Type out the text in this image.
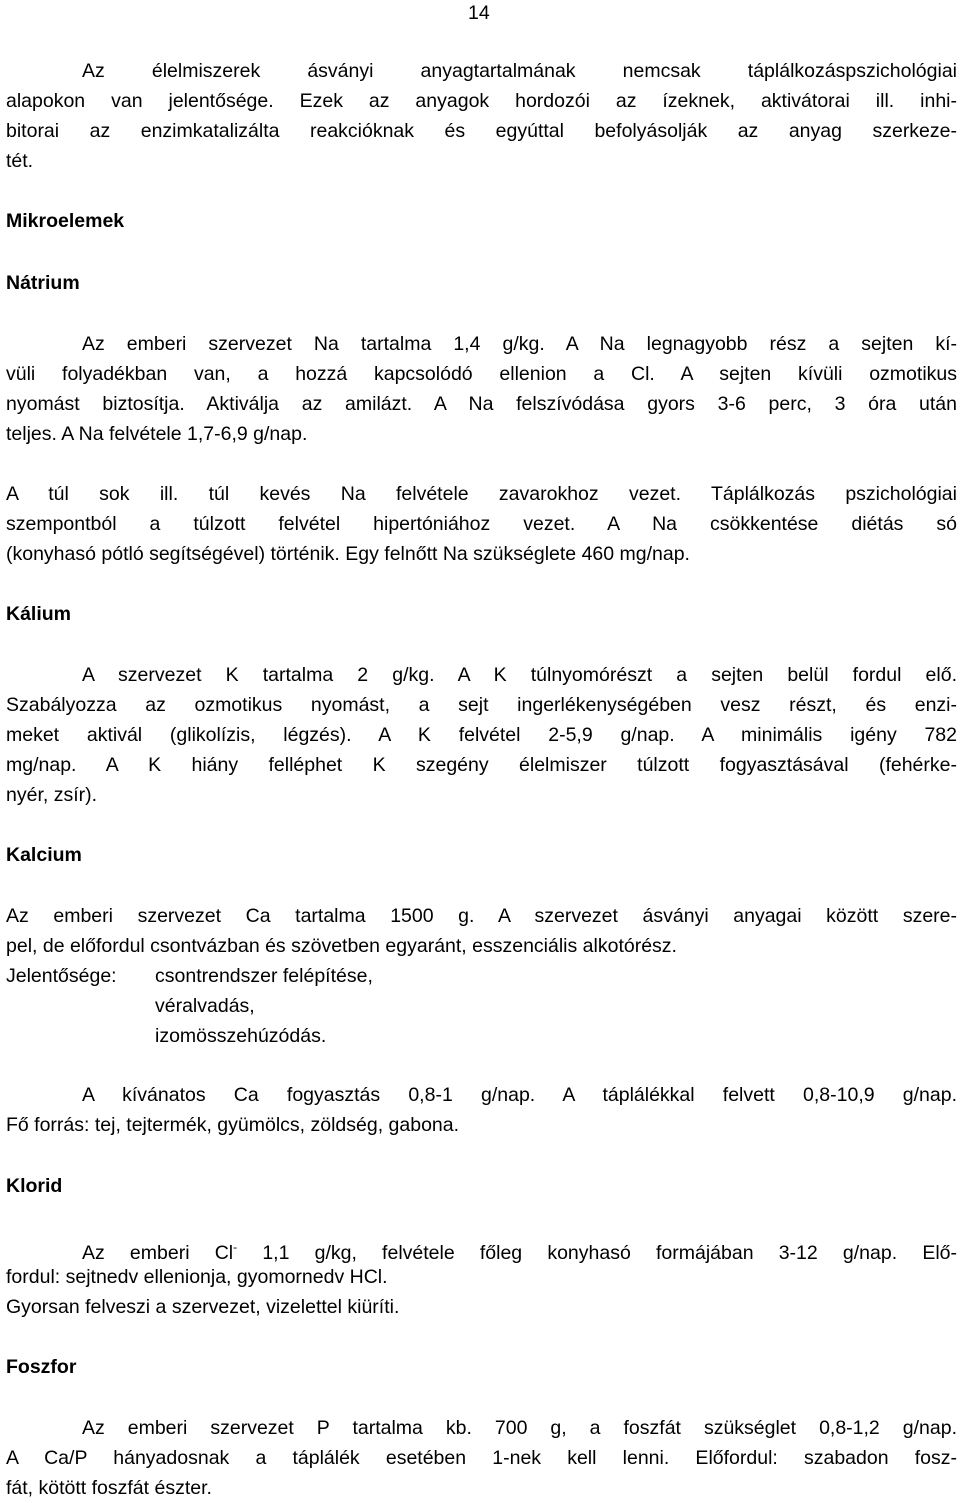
14

Az élelmiszerek ásványi anyagtartalmának nemcsak táplálkozáspszichológiai
alapokon van jelentősége. Ezek az anyagok hordozói az ízeknek, aktivátorai ill. inhi-
bitorai az enzimkatalizálta reakcióknak és egyúttal befolyásolják az anyag szerkeze-
tét.
Mikroelemek
Nátrium
Az emberi szervezet Na tartalma 1,4 g/kg. A Na legnagyobb rész a sejten kí-
vüli folyadékban van, a hozzá kapcsolódó ellenion a Cl. A sejten kívüli ozmotikus
nyomást biztosítja. Aktiválja az amilázt. A Na felszívódása gyors 3-6 perc, 3 óra után
teljes. A Na felvétele 1,7-6,9 g/nap.
A túl sok ill. túl kevés Na felvétele zavarokhoz vezet. Táplálkozás pszichológiai
szempontból a túlzott felvétel hipertóniához vezet. A Na csökkentése diétás só
(konyhasó pótló segítségével) történik. Egy felnőtt Na szükséglete 460 mg/nap.
Kálium
A szervezet K tartalma 2 g/kg. A K túlnyomórészt a sejten belül fordul elő.
Szabályozza az ozmotikus nyomást, a sejt ingerlékenységében vesz részt, és enzi-
meket aktivál (glikolízis, légzés). A K felvétel 2-5,9 g/nap. A minimális igény 782
mg/nap. A K hiány felléphet K szegény élelmiszer túlzott fogyasztásával (fehérke-
nyér, zsír).
Kalcium
Az emberi szervezet Ca tartalma 1500 g. A szervezet ásványi anyagai között szere-
pel, de előfordul csontvázban és szövetben egyaránt, esszenciális alkotórész.

Jelentősége: csontrendszer felépítése,

véralvadás,

izomösszehúzódás.

A kívánatos Ca fogyasztás 0,8-1 g/nap. A táplálékkal felvett 0,8-10,9 g/nap.
Fő forrás: tej, tejtermék, gyümölcs, zöldség, gabona.
Klorid
Az emberi Cl- 1,1 g/kg, felvétele főleg konyhasó formájában 3-12 g/nap. Elő-
fordul: sejtnedv ellenionja, gyomornedv HCl.
Gyorsan felveszi a szervezet, vizelettel kiüríti.
Foszfor
Az emberi szervezet P tartalma kb. 700 g, a foszfát szükséglet 0,8-1,2 g/nap.
A Ca/P hányadosnak a táplálék esetében 1-nek kell lenni. Előfordul: szabadon fosz-
fát, kötött foszfát észter.
